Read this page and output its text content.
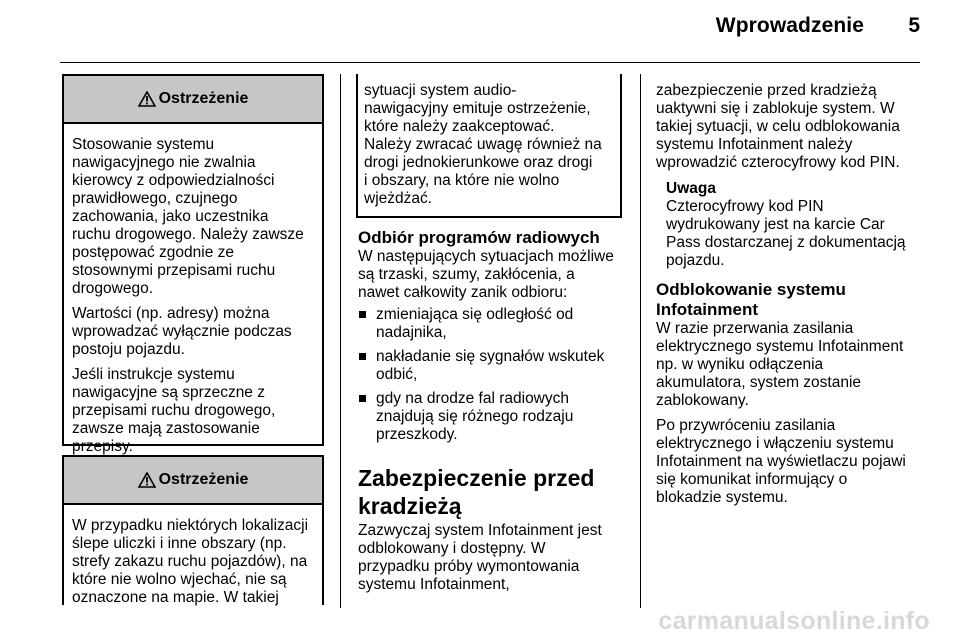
Wprowadzenie 5
Ostrzeżenie

Stosowanie systemu
nawigacyjnego nie zwalnia
kierowcy z odpowiedzialności
prawidłowego, czujnego
zachowania, jako uczestnika
ruchu drogowego. Należy zawsze
postępować zgodnie ze
stosownymi przepisami ruchu
drogowego.

Wartości (np. adresy) można
wprowadzać wyłącznie podczas
postoju pojazdu.

Jeśli instrukcje systemu
nawigacyjne są sprzeczne z
przepisami ruchu drogowego,
zawsze mają zastosowanie
przepisy.

Ostrzeżenie

W przypadku niektórych lokalizacji
ślepe uliczki i inne obszary (np.
strefy zakazu ruchu pojazdów), na
które nie wolno wjechać, nie są
oznaczone na mapie. W takiej

sytuacji system audio-
nawigacyjny emituje ostrzeżenie,
które należy zaakceptować.
Należy zwracać uwagę również na
drogi jednokierunkowe oraz drogi
i obszary, na które nie wolno
wjeżdżać.

Odbiór programów radiowych

W następujących sytuacjach możliwe
są trzaski, szumy, zakłócenia, a
nawet całkowity zanik odbioru:

zmieniająca się odległość od
nadajnika,
nakładanie się sygnałów wskutek
odbić,
gdy na drodze fal radiowych
znajdują się różnego rodzaju
przeszkody.
Zabezpieczenie przed
kradzieżą

Zazwyczaj system Infotainment jest
odblokowany i dostępny. W
przypadku próby wymontowania
systemu Infotainment,

zabezpieczenie przed kradzieżą
uaktywni się i zablokuje system. W
takiej sytuacji, w celu odblokowania
systemu Infotainment należy
wprowadzić czterocyfrowy kod PIN.

Uwaga
Czterocyfrowy kod PIN
wydrukowany jest na karcie Car
Pass dostarczanej z dokumentacją
pojazdu.
Odblokowanie systemu
Infotainment

W razie przerwania zasilania
elektrycznego systemu Infotainment
np. w wyniku odłączenia
akumulatora, system zostanie
zablokowany.

Po przywróceniu zasilania
elektrycznego i włączeniu systemu
Infotainment na wyświetlaczu pojawi
się komunikat informujący o
blokadzie systemu.

carmanualsonline.info
